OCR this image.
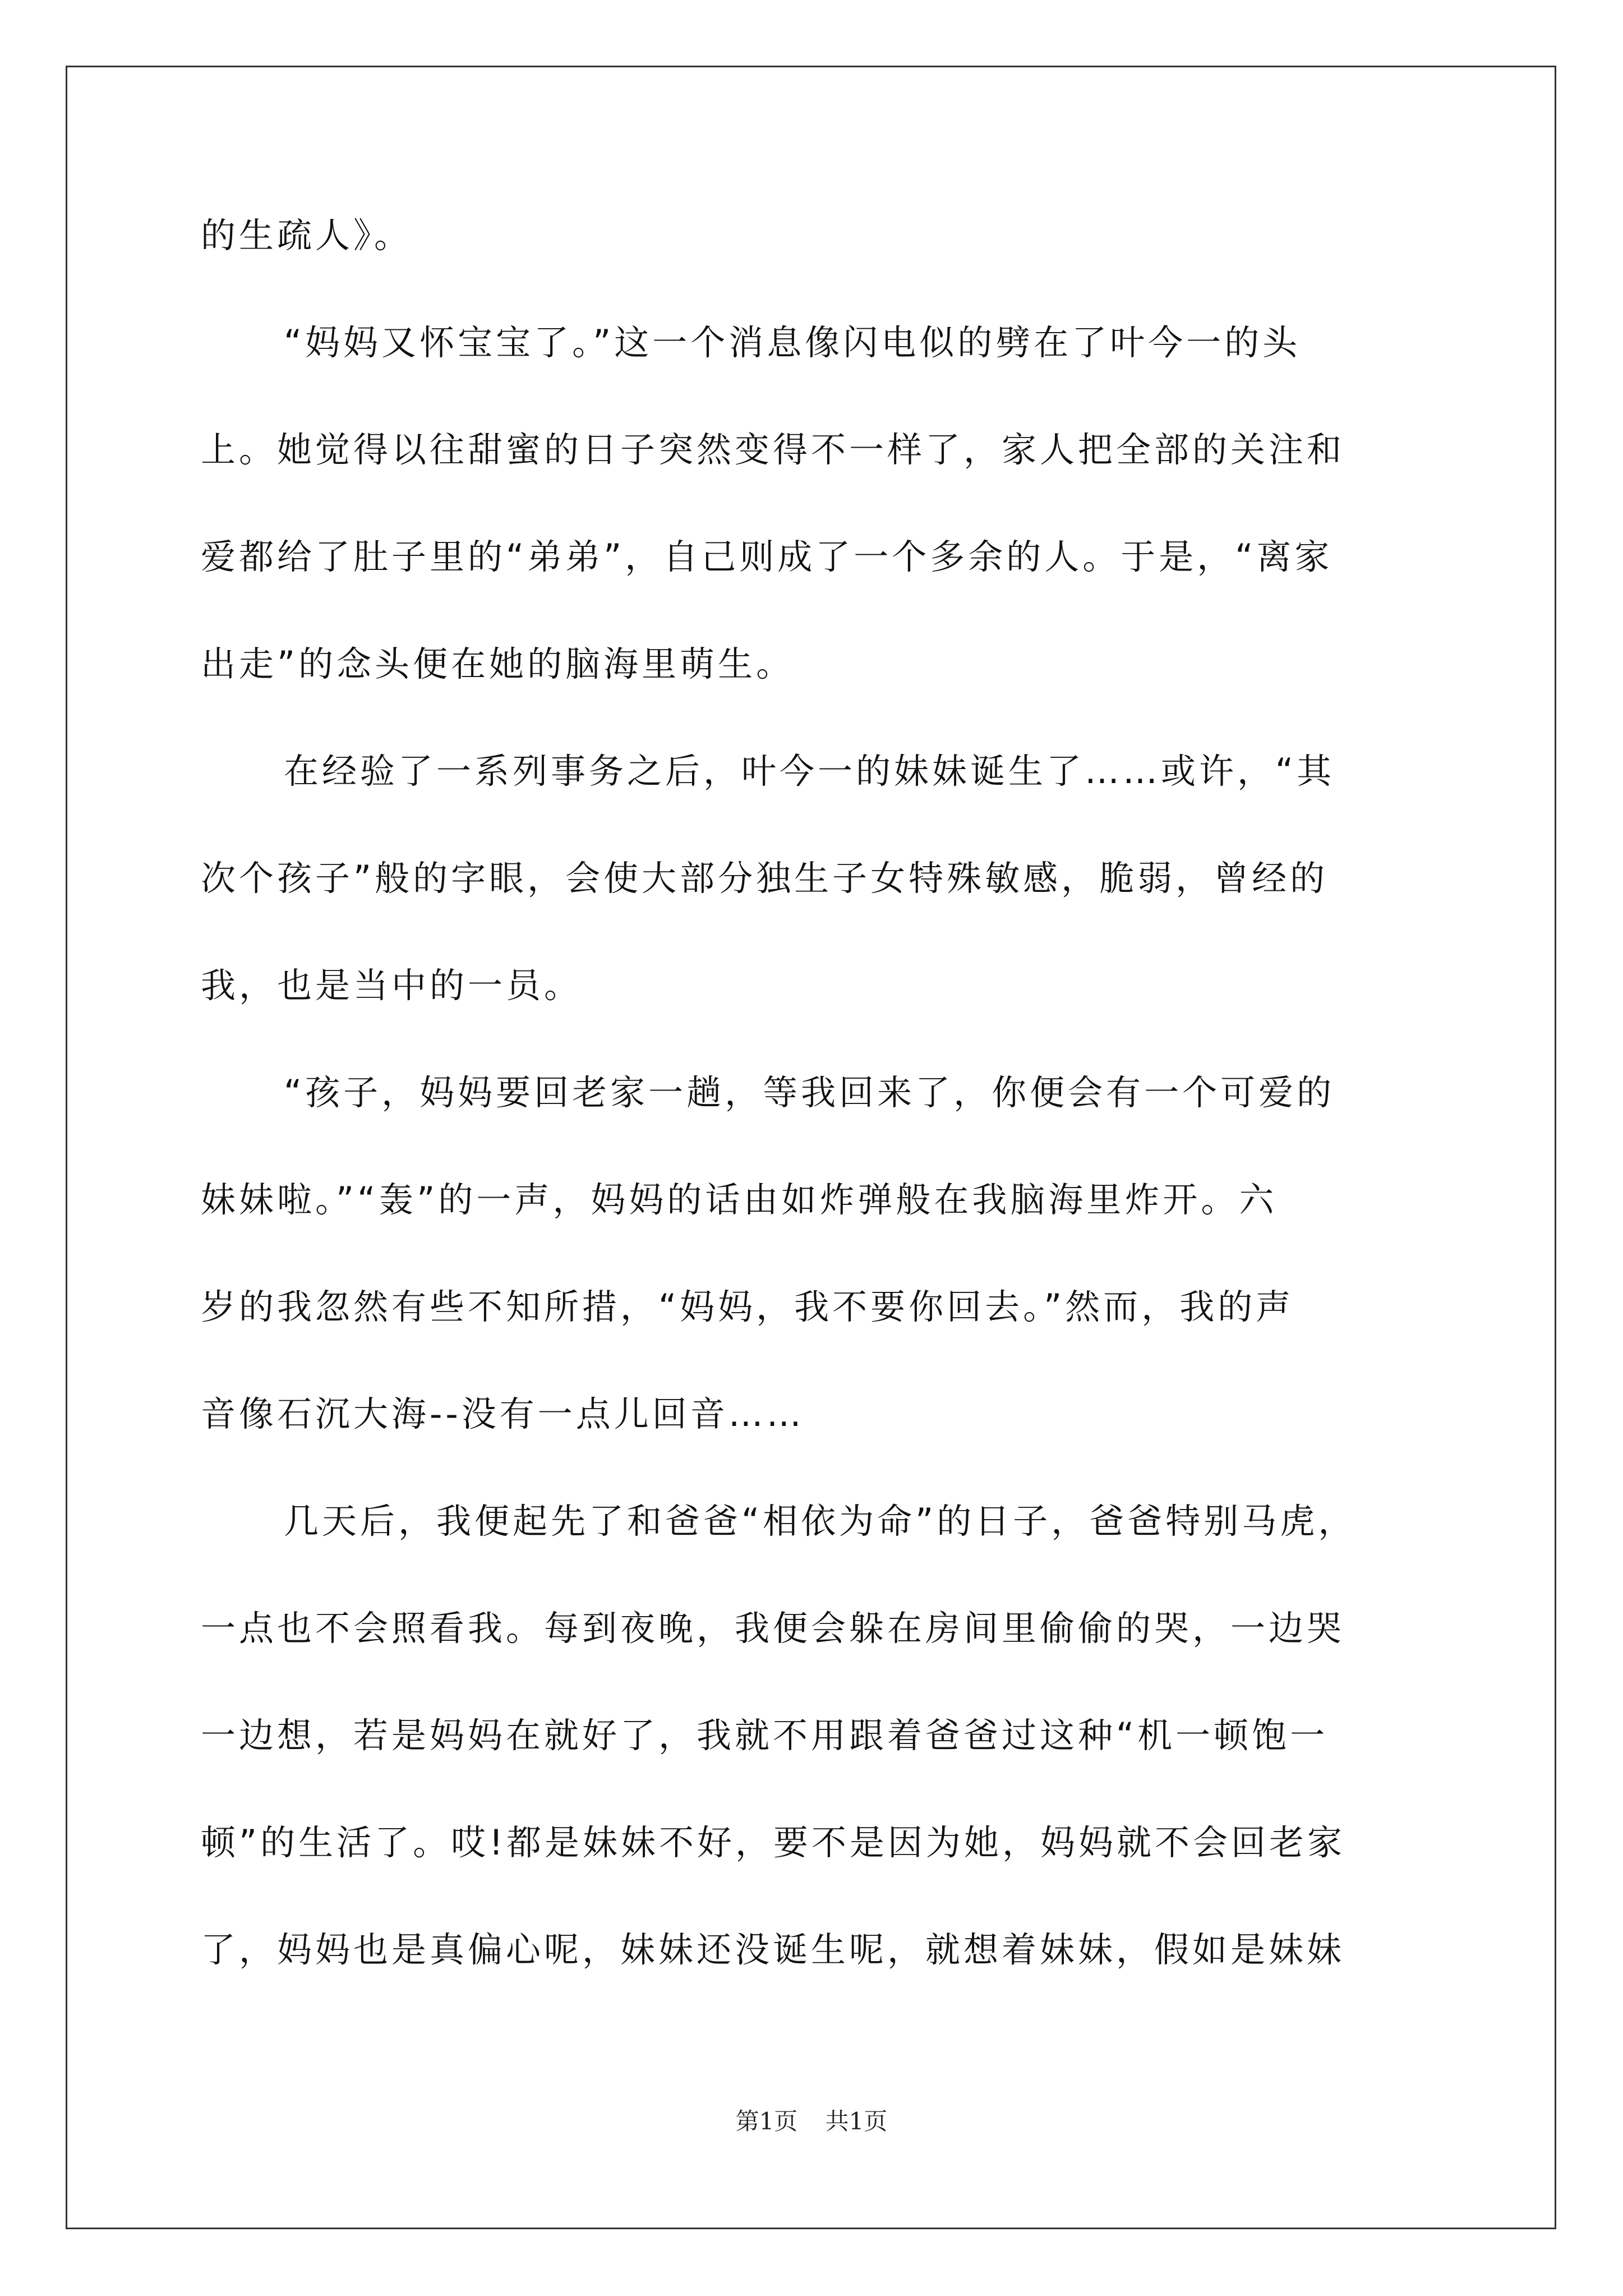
的生疏人》。
“妈妈又怀宝宝了。”这一个消息像闪电似的劈在了叶今一的头
上。她觉得以往甜蜜的日子突然变得不一样了，家人把全部的关注和
爱都给了肚子里的“弟弟”，自己则成了一个多余的人。于是，“离家
出走”的念头便在她的脑海里萌生。
在经验了一系列事务之后，叶今一的妹妹诞生了……或许，“其
次个孩子”般的字眼，会使大部分独生子女特殊敏感，脆弱，曾经的
我，也是当中的一员。
“孩子，妈妈要回老家一趟，等我回来了，你便会有一个可爱的
妹妹啦。”“轰”的一声，妈妈的话由如炸弹般在我脑海里炸开。六
岁的我忽然有些不知所措，“妈妈，我不要你回去。”然而，我的声
音像石沉大海--没有一点儿回音……
几天后，我便起先了和爸爸“相依为命”的日子，爸爸特别马虎，
一点也不会照看我。每到夜晚，我便会躲在房间里偷偷的哭，一边哭
一边想，若是妈妈在就好了，我就不用跟着爸爸过这种“机一顿饱一
顿”的生活了。哎!都是妹妹不好，要不是因为她，妈妈就不会回老家
了，妈妈也是真偏心呢，妹妹还没诞生呢，就想着妹妹，假如是妹妹
第1页 共1页
